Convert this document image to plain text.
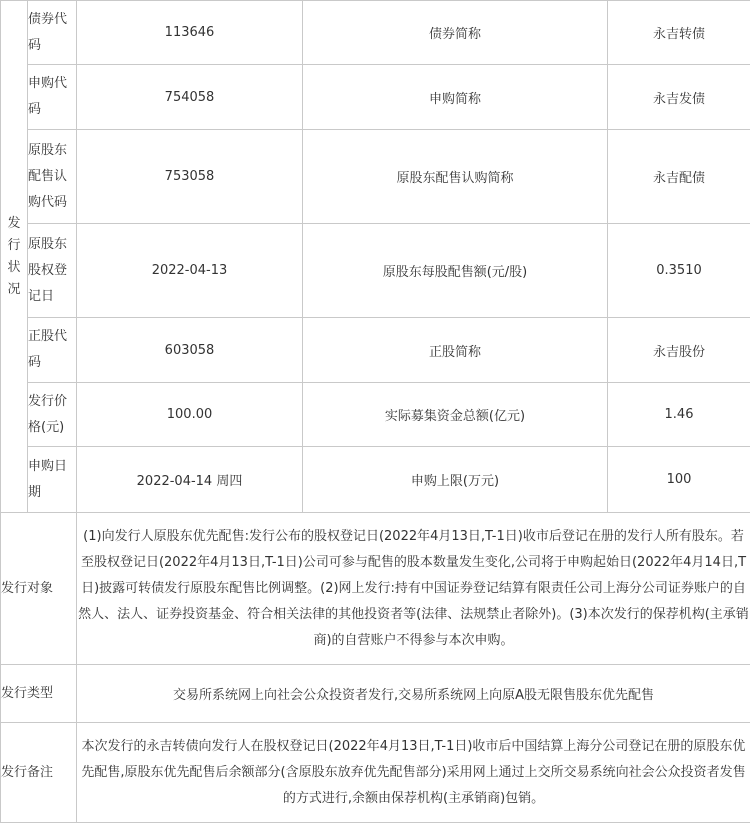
发
行
状
况	债券代码	113646	债券简称	永吉转债
	申购代码	754058	申购简称	永吉发债
	原股东配售认购代码	753058	原股东配售认购简称	永吉配债
	原股东股权登记日	2022-04-13	原股东每股配售额(元/股)	0.3510
	正股代码	603058	正股简称	永吉股份
	发行价格(元)	100.00	实际募集资金总额(亿元)	1.46
	申购日期	2022-04-14 周四	申购上限(万元)	100
发行对象		(1)向发行人原股东优先配售:发行公布的股权登记日(2022年4月13日,T-1日)收市后登记在册的发行人所有股东。若至股权登记日(2022年4月13日,T-1日)公司可参与配售的股本数量发生变化,公司将于申购起始日(2022年4月14日,T日)披露可转债发行原股东配售比例调整。(2)网上发行:持有中国证券登记结算有限责任公司上海分公司证券账户的自然人、法人、证券投资基金、符合相关法律的其他投资者等(法律、法规禁止者除外)。(3)本次发行的保荐机构(主承销商)的自营账户不得参与本次申购。		
发行类型		交易所系统网上向社会公众投资者发行,交易所系统网上向原A股无限售股东优先配售		
发行备注		本次发行的永吉转债向发行人在股权登记日(2022年4月13日,T-1日)收市后中国结算上海分公司登记在册的原股东优先配售,原股东优先配售后余额部分(含原股东放弃优先配售部分)采用网上通过上交所交易系统向社会公众投资者发售的方式进行,余额由保荐机构(主承销商)包销。		
